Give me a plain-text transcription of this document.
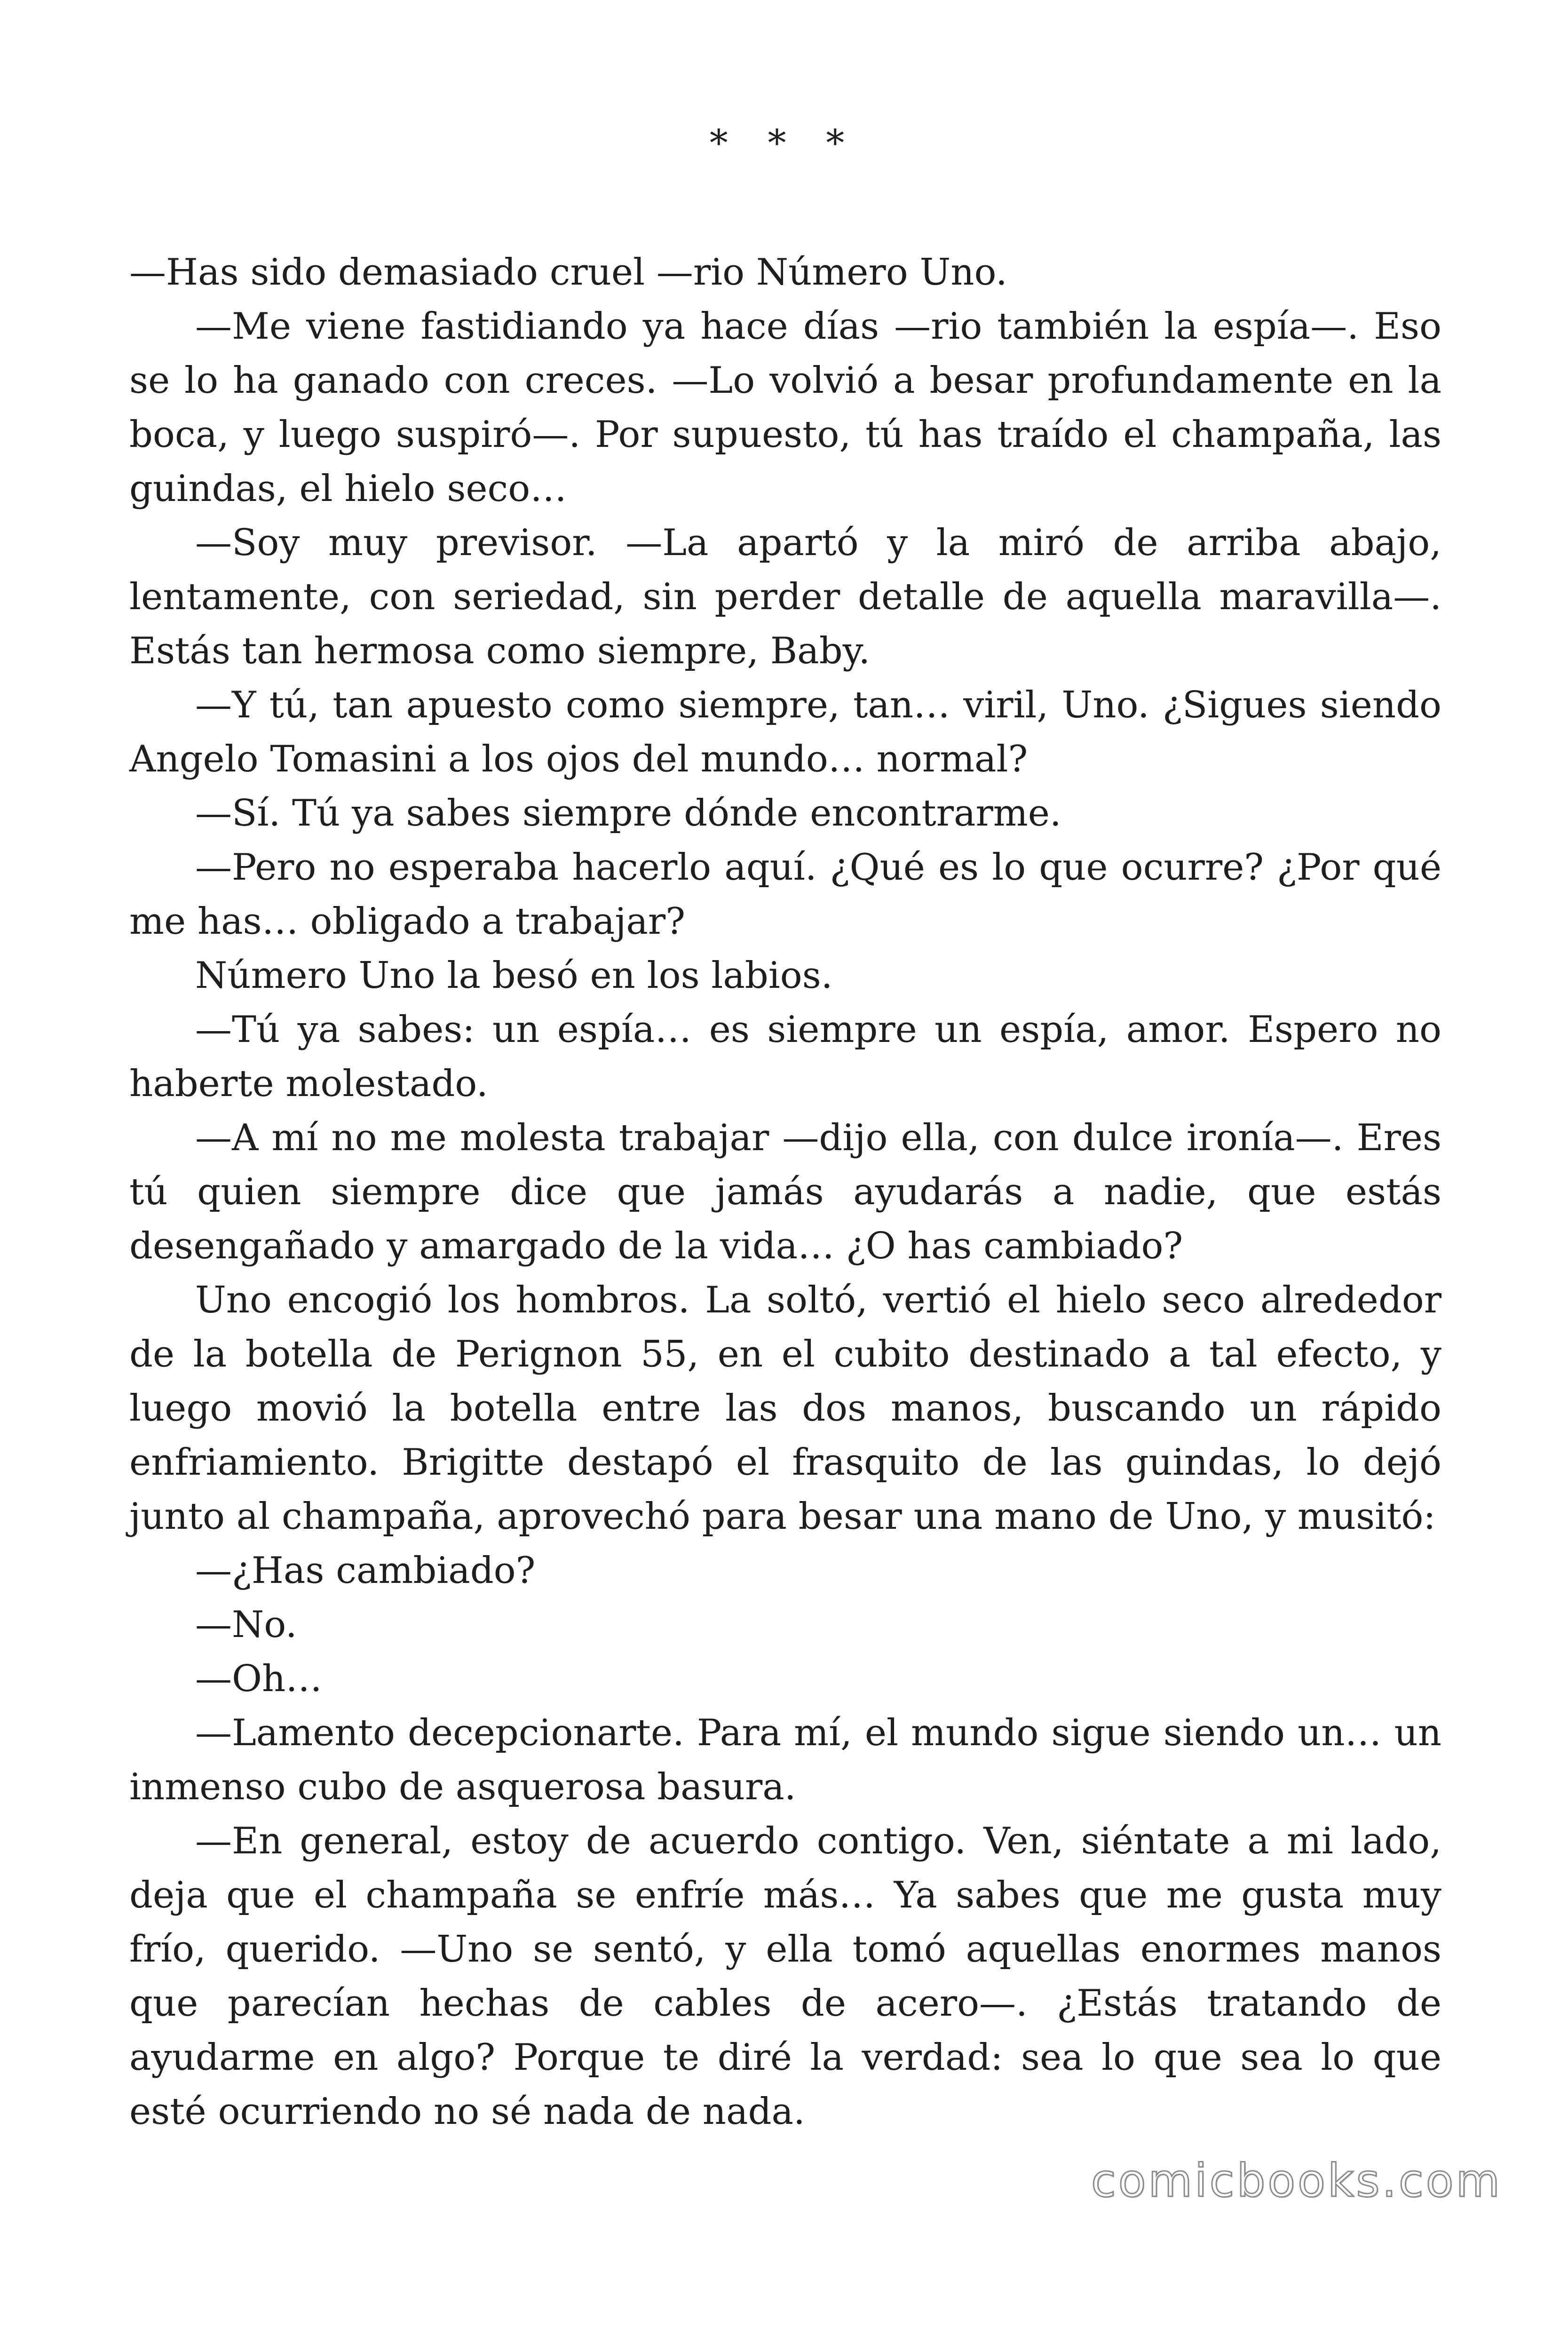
* * *

—Has sido demasiado cruel —rio Número Uno.

—Me viene fastidiando ya hace días —rio también la espía—. Eso se lo ha ganado con creces. —Lo volvió a besar profundamente en la boca, y luego suspiró—. Por supuesto, tú has traído el champaña, las guindas, el hielo seco…

—Soy muy previsor. —La apartó y la miró de arriba abajo, lentamente, con seriedad, sin perder detalle de aquella maravilla—. Estás tan hermosa como siempre, Baby.

—Y tú, tan apuesto como siempre, tan… viril, Uno. ¿Sigues siendo Angelo Tomasini a los ojos del mundo… normal?

—Sí. Tú ya sabes siempre dónde encontrarme.

—Pero no esperaba hacerlo aquí. ¿Qué es lo que ocurre? ¿Por qué me has… obligado a trabajar?

Número Uno la besó en los labios.

—Tú ya sabes: un espía… es siempre un espía, amor. Espero no haberte molestado.

—A mí no me molesta trabajar —dijo ella, con dulce ironía—. Eres tú quien siempre dice que jamás ayudarás a nadie, que estás desengañado y amargado de la vida… ¿O has cambiado?

Uno encogió los hombros. La soltó, vertió el hielo seco alrededor de la botella de Perignon 55, en el cubito destinado a tal efecto, y luego movió la botella entre las dos manos, buscando un rápido enfriamiento. Brigitte destapó el frasquito de las guindas, lo dejó junto al champaña, aprovechó para besar una mano de Uno, y musitó:

—¿Has cambiado?

—No.

—Oh…

—Lamento decepcionarte. Para mí, el mundo sigue siendo un… un inmenso cubo de asquerosa basura.

—En general, estoy de acuerdo contigo. Ven, siéntate a mi lado, deja que el champaña se enfríe más… Ya sabes que me gusta muy frío, querido. —Uno se sentó, y ella tomó aquellas enormes manos que parecían hechas de cables de acero—. ¿Estás tratando de ayudarme en algo? Porque te diré la verdad: sea lo que sea lo que esté ocurriendo no sé nada de nada.

comicbooks.com
